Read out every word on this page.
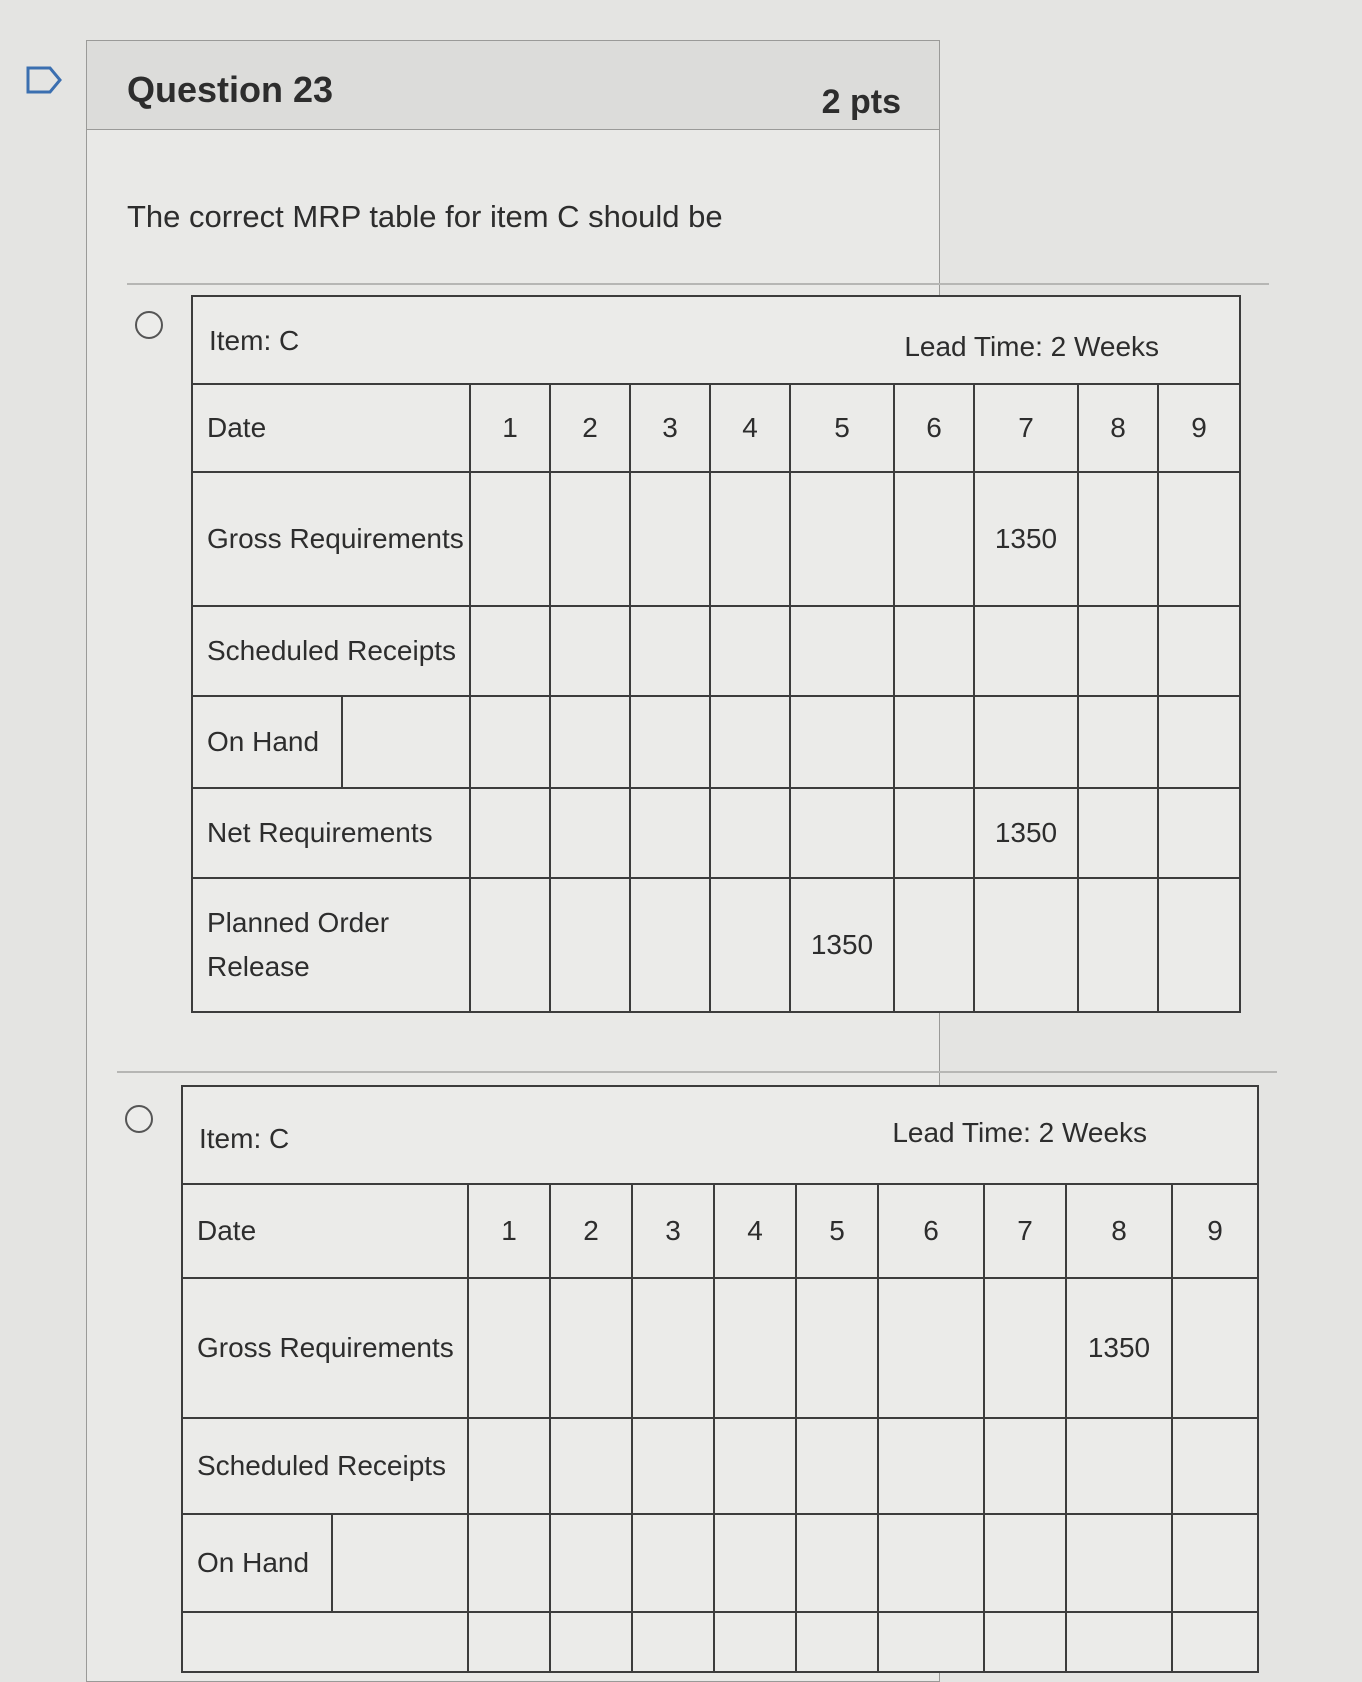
Question 23	2 pts
The correct MRP table for item C should be
Item: C Lead Time: 2 Weeks									

Date	1	2	3	4	5	6	7	8	9
Gross Requirements							1350		
Scheduled Receipts									
On Hand									
Net Requirements							1350		
Planned Order Release					1350				
Item: C Lead Time: 2 Weeks									

Date	1	2	3	4	5	6	7	8	9
Gross Requirements								1350	
Scheduled Receipts									
On Hand									
